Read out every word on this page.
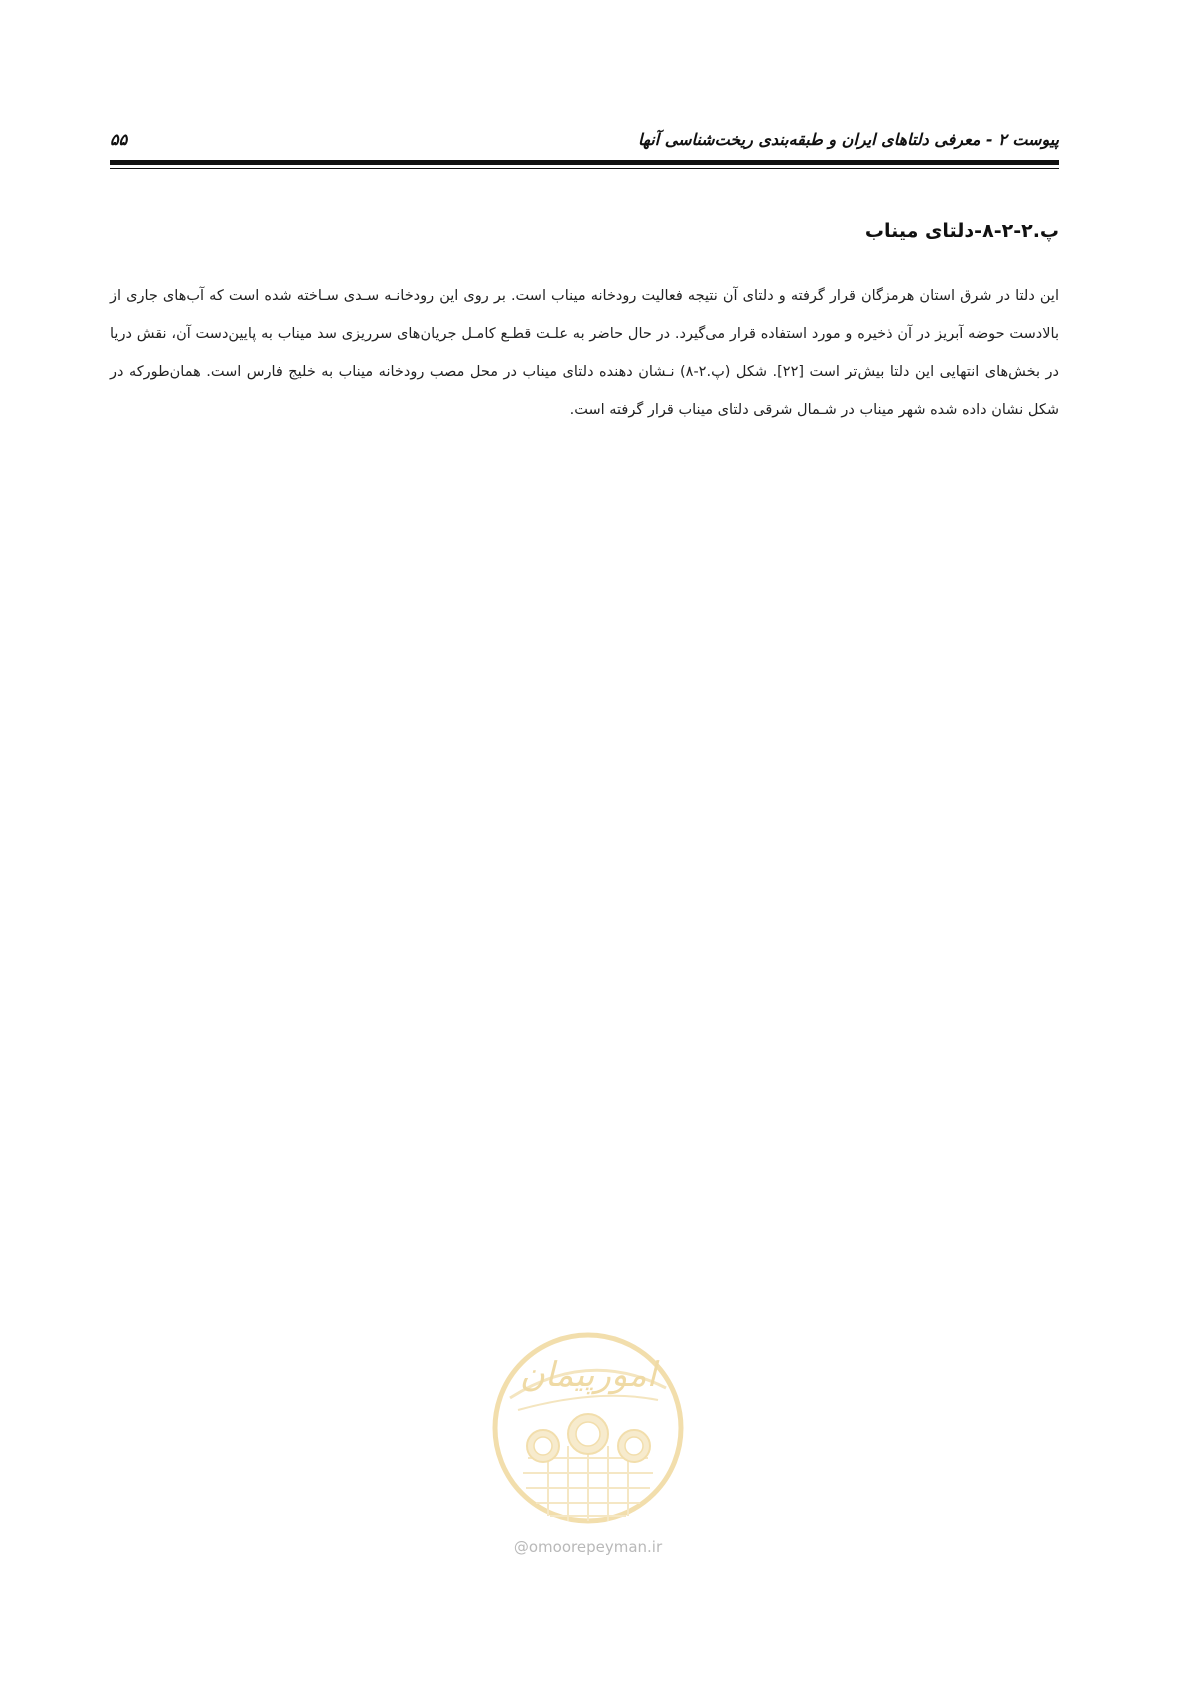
پیوست ۲ - معرفی دلتاهای ایران و طبقه‌بندی ریخت‌شناسی آنها
۵۵
پ.۲-۲-۸-دلتای میناب

این دلتا در شرق استان هرمزگان قرار گرفته و دلتای آن نتیجه فعالیت رودخانه میناب است. بر روی این رودخانـه سـدی سـاخته شده است که آب‌های جاری از بالادست حوضه آبریز در آن ذخیره و مورد استفاده قرار می‌گیرد. در حال حاضر به علـت قطـع کامـل جریان‌های سرریزی سد میناب به پایین‌دست آن، نقش دریا در بخش‌های انتهایی این دلتا بیش‌تر است [۲۲]. شکل (پ.۲-۸) نـشان دهنده دلتای میناب در محل مصب رودخانه میناب به خلیج فارس است. همان‌طورکه در شکل نشان داده شده شهر میناب در شـمال شرقی دلتای میناب قرار گرفته است.

امورپیمان
@omoorepeyman.ir
